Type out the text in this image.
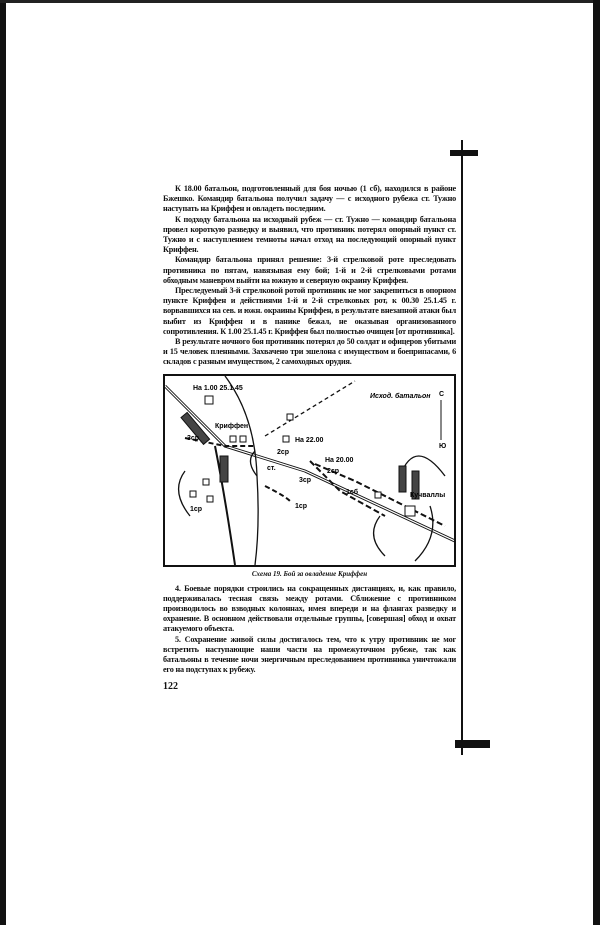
К 18.00 батальон, подготовленный для боя ночью (1 сб), находился в районе Бжешко. Командир батальона получил задачу — с исходного рубежа ст. Тужно наступать на Криффен и овладеть последним.

К подходу батальона на исходный рубеж — ст. Тужно — командир батальона провел короткую разведку и выявил, что противник потерял опорный пункт ст. Тужно и с наступлением темноты начал отход на последующий опорный пункт Криффен.

Командир батальона принял решение: 3-й стрелковой роте преследовать противника по пятам, навязывая ему бой; 1-й и 2-й стрелковыми ротами обходным маневром выйти на южную и северную окраину Криффен.

Преследуемый 3-й стрелковой ротой противник не мог закрепиться в опорном пункте Криффен и действиями 1-й и 2-й стрелковых рот, к 00.30 25.1.45 г. ворвавшихся на сев. и южн. окраины Криффен, в результате внезапной атаки был выбит из Криффен и в панике бежал, не оказывая организованного сопротивления. К 1.00 25.1.45 г. Криффен был полностью очищен [от противника].

В результате ночного боя противник потерял до 50 солдат и офицеров убитыми и 15 человек пленными. Захвачено три эшелона с имуществом и боеприпасами, 6 складов с разным имуществом, 2 самоходных орудия.

На 1.00 25.1.45
Криффен
3ср
Исход. батальон С
Ю
На 22.00
2ср
ст.
На 20.00
2ср
3ср
1сб	Кучваллы
1ср
1ср
Схема 19. Бой за овладение Криффен

4. Боевые порядки строились на сокращенных дистанциях, и, как правило, поддерживалась тесная связь между ротами. Сближение с противником производилось во взводных колоннах, имея впереди и на флангах разведку и охранение. В основном действовали отдельные группы, [совершая] обход и охват атакуемого объекта.

5. Сохранение живой силы достигалось тем, что к утру противник не мог встретить наступающие наши части на промежуточном рубеже, так как батальоны в течение ночи энергичным преследованием противника уничтожали его на подступах к рубежу.

122
